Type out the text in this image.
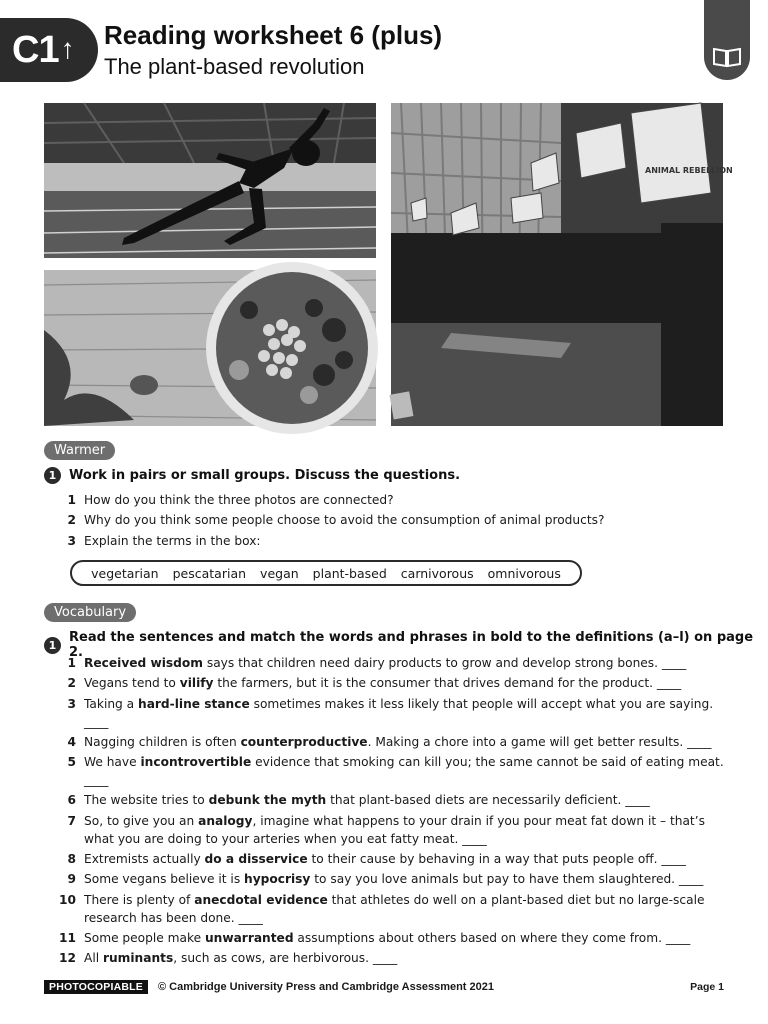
C1 ↑ Reading worksheet 6 (plus)
The plant-based revolution
ANIMAL REBELLION
Warmer
1 Work in pairs or small groups. Discuss the questions.
1 How do you think the three photos are connected?
2 Why do you think some people choose to avoid the consumption of animal products?
3 Explain the terms in the box:
vegetarian pescatarian vegan plant-based carnivorous omnivorous
Vocabulary
1 Read the sentences and match the words and phrases in bold to the definitions (a–l) on page 2.
1 Received wisdom says that children need dairy products to grow and develop strong bones. ____
2 Vegans tend to vilify the farmers, but it is the consumer that drives demand for the product. ____
3 Taking a hard-line stance sometimes makes it less likely that people will accept what you are saying. ____
4 Nagging children is often counterproductive. Making a chore into a game will get better results. ____
5 We have incontrovertible evidence that smoking can kill you; the same cannot be said of eating meat. ____
6 The website tries to debunk the myth that plant-based diets are necessarily deficient. ____
7 So, to give you an analogy, imagine what happens to your drain if you pour meat fat down it – that’s what you are doing to your arteries when you eat fatty meat. ____
8 Extremists actually do a disservice to their cause by behaving in a way that puts people off. ____
9 Some vegans believe it is hypocrisy to say you love animals but pay to have them slaughtered. ____
10 There is plenty of anecdotal evidence that athletes do well on a plant-based diet but no large-scale research has been done. ____
11 Some people make unwarranted assumptions about others based on where they come from. ____
12 All ruminants, such as cows, are herbivorous. ____
PHOTOCOPIABLE	© Cambridge University Press and Cambridge Assessment 2021	Page 1
